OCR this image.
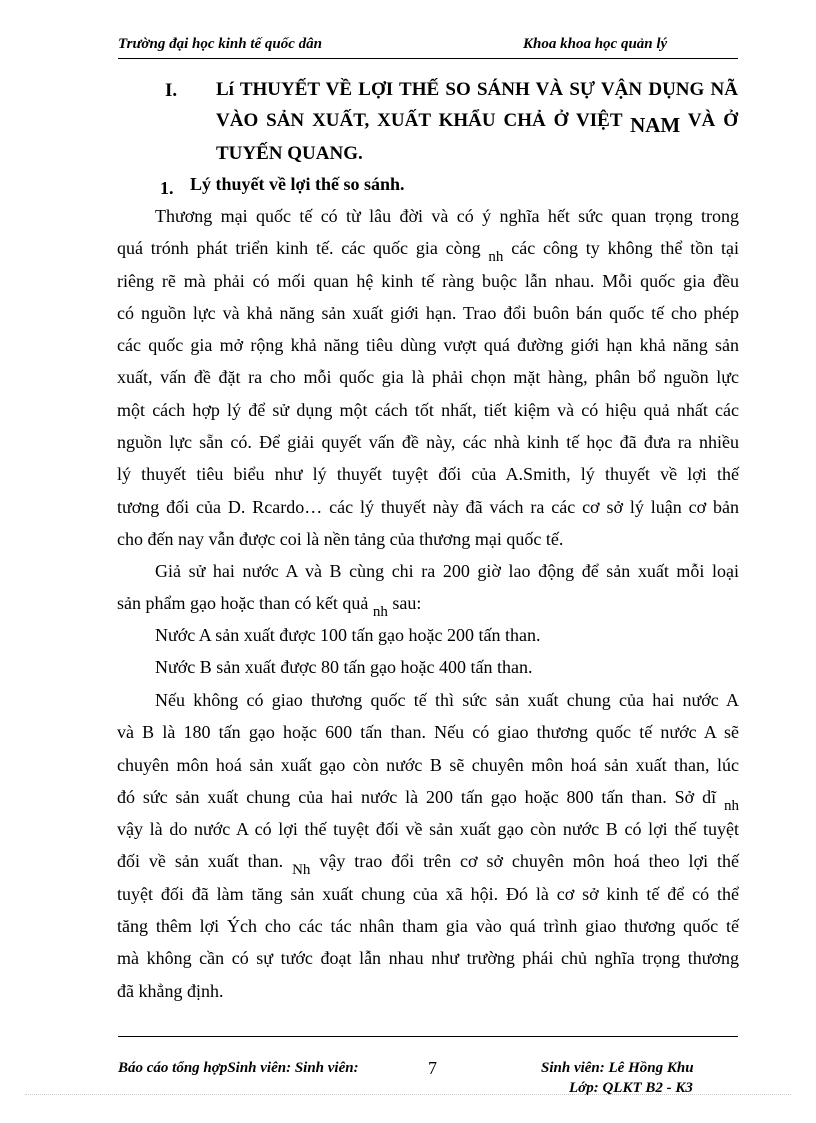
Trường đại học kinh tế quốc dân	Khoa khoa học quản lý
I. Lí THUYẾT VỀ LỢI THẾ SO SÁNH VÀ SỰ VẬN DỤNG NÃ
VÀO SẢN XUẤT, XUẤT KHẨU CHẢ Ở VIỆT NAM VÀ Ở
TUYẾN QUANG.
1. Lý thuyết về lợi thế so sánh.
Thương mại quốc tế có từ lâu đời và có ý nghĩa hết sức quan trọng trong
quá trónh phát triển kinh tế. các quốc gia còng $_{nh}$ các công ty không thể tồn tại
riêng rẽ mà phải có mối quan hệ kinh tế ràng buộc lẫn nhau. Mỗi quốc gia đều
có nguồn lực và khả năng sản xuất giới hạn. Trao đổi buôn bán quốc tế cho phép
các quốc gia mở rộng khả năng tiêu dùng vượt quá đường giới hạn khả năng sản
xuất, vấn đề đặt ra cho mỗi quốc gia là phải chọn mặt hàng, phân bổ nguồn lực
một cách hợp lý để sử dụng một cách tốt nhất, tiết kiệm và có hiệu quả nhất các
nguồn lực sẵn có. Để giải quyết vấn đề này, các nhà kinh tế học đã đưa ra nhiều
lý thuyết tiêu biểu như lý thuyết tuyệt đối của A.Smith, lý thuyết về lợi thế
tương đối của D. Rcardo… các lý thuyết này đã vách ra các cơ sở lý luận cơ bản
cho đến nay vẫn được coi là nền tảng của thương mại quốc tế.
Giả sử hai nước A và B cùng chi ra 200 giờ lao động để sản xuất mỗi loại
sản phẩm gạo hoặc than có kết quả $_{nh}$ sau:
Nước A sản xuất được 100 tấn gạo hoặc 200 tấn than.
Nước B sản xuất được 80 tấn gạo hoặc 400 tấn than.
Nếu không có giao thương quốc tế thì sức sản xuất chung của hai nước A
và B là 180 tấn gạo hoặc 600 tấn than. Nếu có giao thương quốc tế nước A sẽ
chuyên môn hoá sản xuất gạo còn nước B sẽ chuyên môn hoá sản xuất than, lúc
đó sức sản xuất chung của hai nước là 200 tấn gạo hoặc 800 tấn than. Sở dĩ $_{nh}$
vậy là do nước A có lợi thế tuyệt đối về sản xuất gạo còn nước B có lợi thế tuyệt
đối về sản xuất than. $_{Nh}$ vậy trao đổi trên cơ sở chuyên môn hoá theo lợi thế
tuyệt đối đã làm tăng sản xuất chung của xã hội. Đó là cơ sở kinh tế để có thể
tăng thêm lợi Ých cho các tác nhân tham gia vào quá trình giao thương quốc tế
mà không cần có sự tước đoạt lẫn nhau như trường phái chủ nghĩa trọng thương
đã khẳng định.
Báo cáo tổng hợpSinh viên: Sinh viên:	7	Sinh viên: Lê Hồng Khu
Lớp: QLKT B2 - K3
